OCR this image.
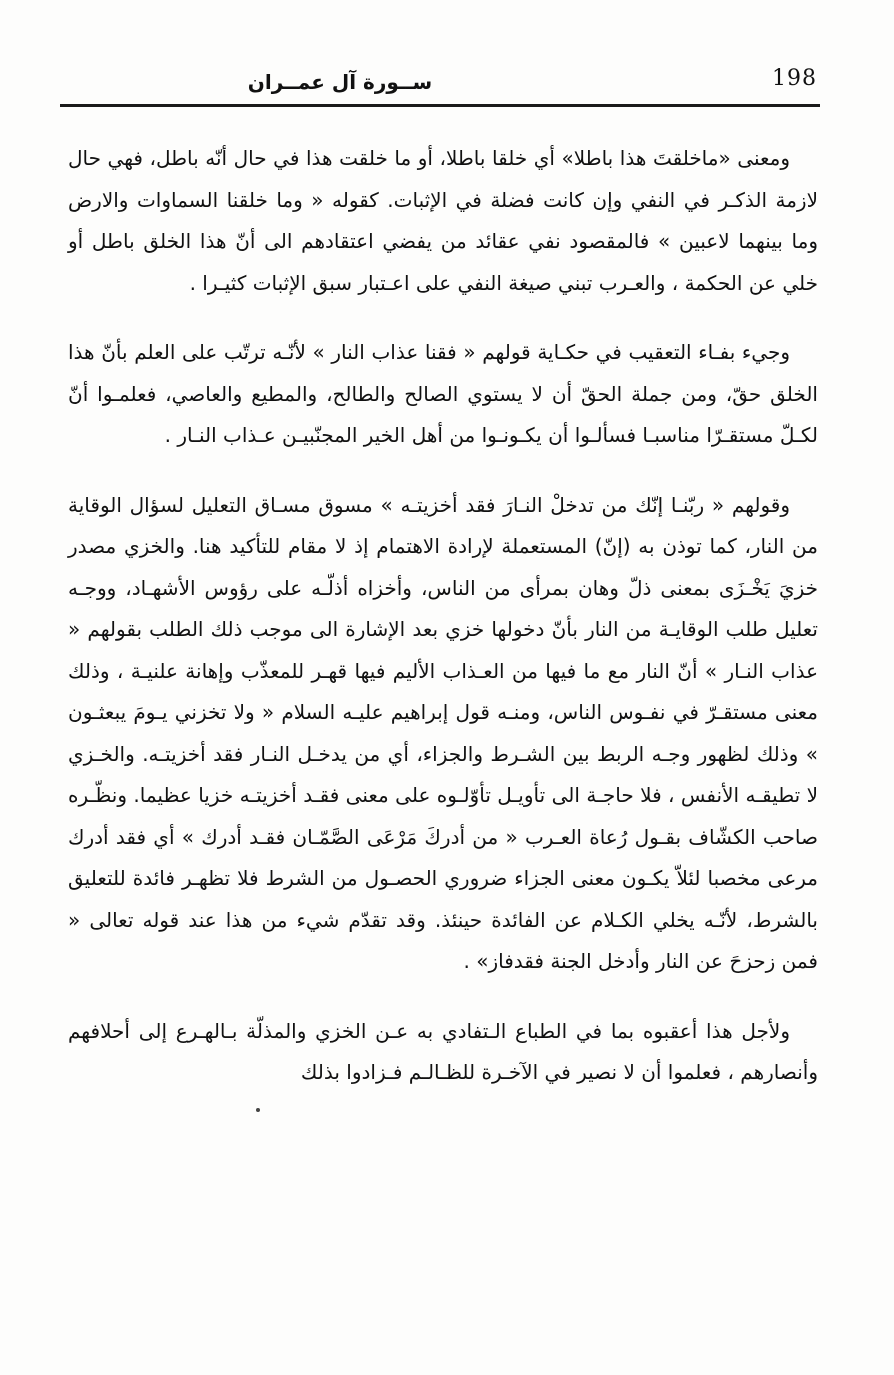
198
ســورة آل عمــران

ومعنى «ماخلقتَ هذا باطلا» أي خلقا باطلا، أو ما خلقت هذا في حال أنّه باطل، فهي حال لازمة الذكـر في النفي وإن كانت فضلة في الإثبات. كقوله « وما خلقنا السماوات والارض وما بينهما لاعبين » فالمقصود نفي عقائد من يفضي اعتقادهم الى أنّ هذا الخلق باطل أو خلي عن الحكمة ، والعـرب تبني صيغة النفي على اعـتبار سبق الإثبات كثيـرا .

وجيء بفـاء التعقيب في حكـاية قولهم « فقنا عذاب النار » لأنّـه ترتّب على العلم بأنّ هذا الخلق حقّ، ومن جملة الحقّ أن لا يستوي الصالح والطالح، والمطيع والعاصي، فعلمـوا أنّ لكـلّ مستقـرّا مناسبـا فسألـوا أن يكـونـوا من أهل الخير المجنّبيـن عـذاب النـار .

وقولهم « ربّنـا إنّك من تدخلْ النـارَ فقد أخزيتـه » مسوق مسـاق التعليل لسؤال الوقاية من النار، كما توذن به (إنّ) المستعملة لإرادة الاهتمام إذ لا مقام للتأكيد هنا. والخزي مصدر خزيَ يَخْـزَى بمعنى ذلّ وهان بمرأى من الناس، وأخزاه أذلّـه على رؤوس الأشهـاد، ووجـه تعليل طلب الوقايـة من النار بأنّ دخولها خزي بعد الإشارة الى موجب ذلك الطلب بقولهم « عذاب النـار » أنّ النار مع ما فيها من العـذاب الأليم فيها قهـر للمعذّب وإهانة علنيـة ، وذلك معنى مستقـرّ في نفـوس الناس، ومنـه قول إبراهيم عليـه السلام « ولا تخزني يـومَ يبعثـون » وذلك لظهور وجـه الربط بين الشـرط والجزاء، أي من يدخـل النـار فقد أخزيتـه. والخـزي لا تطيقـه الأنفس ، فلا حاجـة الى تأويـل تأوّلـوه على معنى فقـد أخزيتـه خزيا عظيما. ونظّـره صاحب الكشّاف بقـول رُعاة العـرب « من أدركَ مَرْعَى الصَّمّـان فقـد أدرك » أي فقد أدرك مرعى مخصبا لئلاّ يكـون معنى الجزاء ضروري الحصـول من الشرط فلا تظهـر فائدة للتعليق بالشرط، لأنّـه يخلي الكـلام عن الفائدة حينئذ. وقد تقدّم شيء من هذا عند قوله تعالى « فمن زحزحَ عن النار وأدخل الجنة فقدفاز» .

ولأجل هذا أعقبوه بما في الطباع الـتفادي به عـن الخزي والمذلّة بـالهـرع إلى أحلافهم وأنصارهم ، فعلموا أن لا نصير في الآخـرة للظـالـم فـزادوا بذلك
